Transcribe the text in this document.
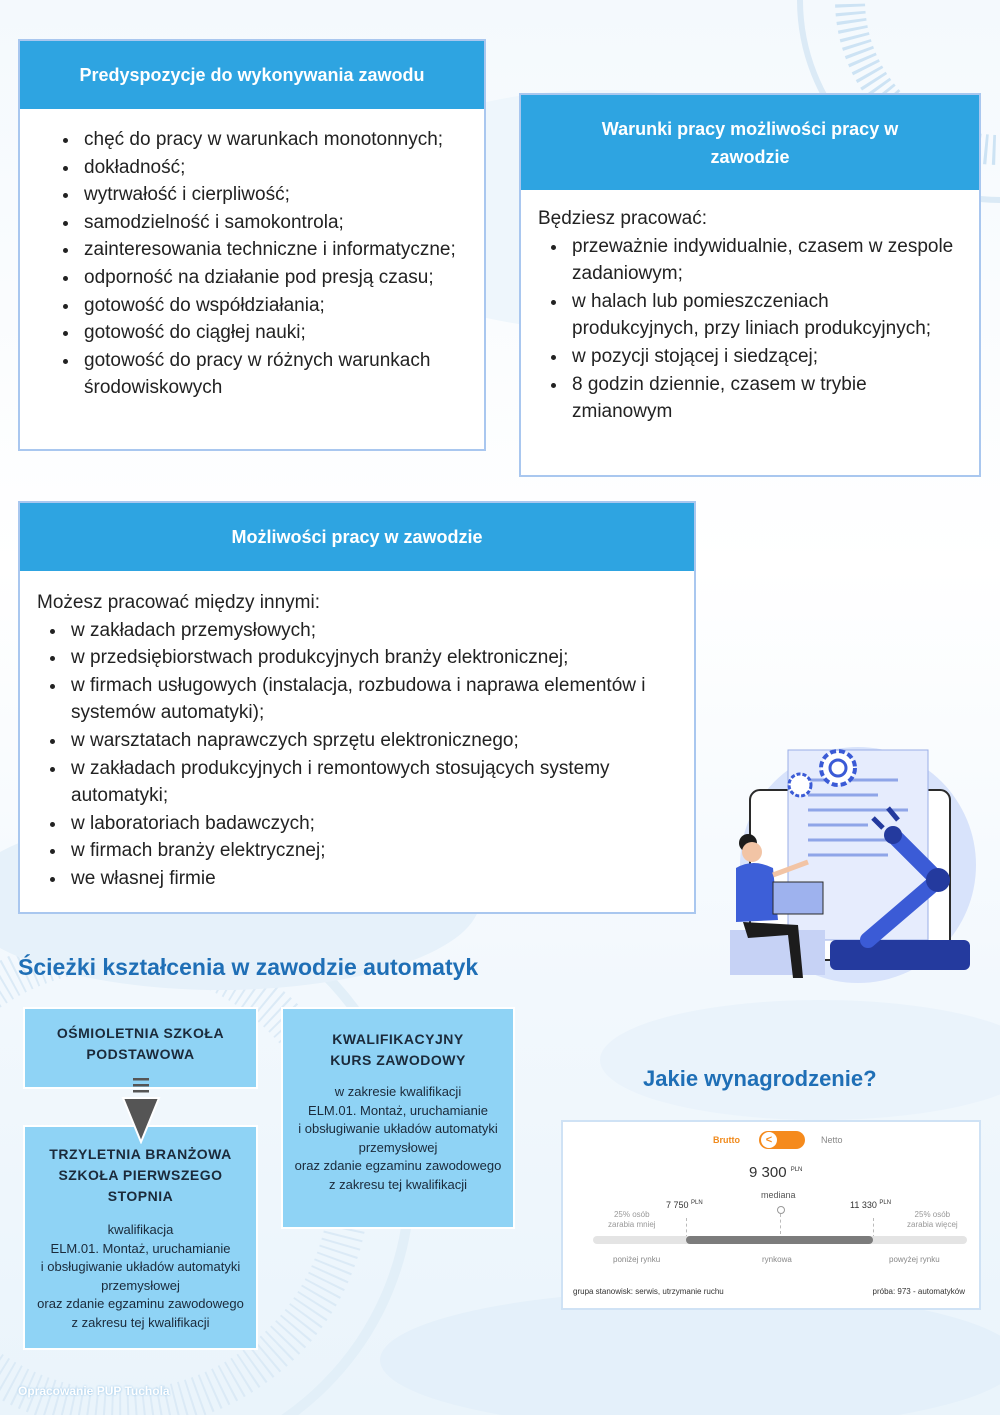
Predyspozycje do wykonywania zawodu
• chęć do pracy w warunkach monotonnych;
• dokładność;
• wytrwałość i cierpliwość;
• samodzielność i samokontrola;
• zainteresowania techniczne i informatyczne;
• odporność na działanie pod presją czasu;
• gotowość do współdziałania;
• gotowość do ciągłej nauki;
• gotowość do pracy w różnych warunkach środowiskowych
Warunki pracy możliwości pracy w zawodzie
Będziesz pracować:
• przeważnie indywidualnie, czasem w zespole zadaniowym;
• w halach lub pomieszczeniach produkcyjnych, przy liniach produkcyjnych;
• w pozycji stojącej i siedzącej;
• 8 godzin dziennie, czasem w trybie zmianowym
Możliwości pracy w zawodzie
Możesz pracować między innymi:
• w zakładach przemysłowych;
• w przedsiębiorstwach produkcyjnych branży elektronicznej;
• w firmach usługowych (instalacja, rozbudowa i naprawa elementów i systemów automatyki);
• w warsztatach naprawczych sprzętu elektronicznego;
• w zakładach produkcyjnych i remontowych stosujących systemy automatyki;
• w laboratoriach badawczych;
• w firmach branży elektrycznej;
• we własnej firmie
Ścieżki kształcenia w zawodzie automatyk
OŚMIOLETNIA SZKOŁA
PODSTAWOWA
TRZYLETNIA BRANŻOWA
SZKOŁA PIERWSZEGO
STOPNIA
kwalifikacja
ELM.01. Montaż, uruchamianie
i obsługiwanie układów automatyki
przemysłowej
oraz zdanie egzaminu zawodowego
z zakresu tej kwalifikacji
KWALIFIKACYJNY
KURS ZAWODOWY
w zakresie kwalifikacji
ELM.01. Montaż, uruchamianie
i obsługiwanie układów automatyki
przemysłowej
oraz zdanie egzaminu zawodowego
z zakresu tej kwalifikacji
Jakie wynagrodzenie?
Brutto	<	Netto
9 300 $^{PLN}$
mediana
7 750 $^{PLN}$	11 330 $^{PLN}$
25% osób
zarabia mniej
25% osób
zarabia więcej
poniżej rynku	rynkowa	powyżej rynku
grupa stanowisk: serwis, utrzymanie ruchu	próba: 973 - automatyków
Opracowanie PUP Tuchola
